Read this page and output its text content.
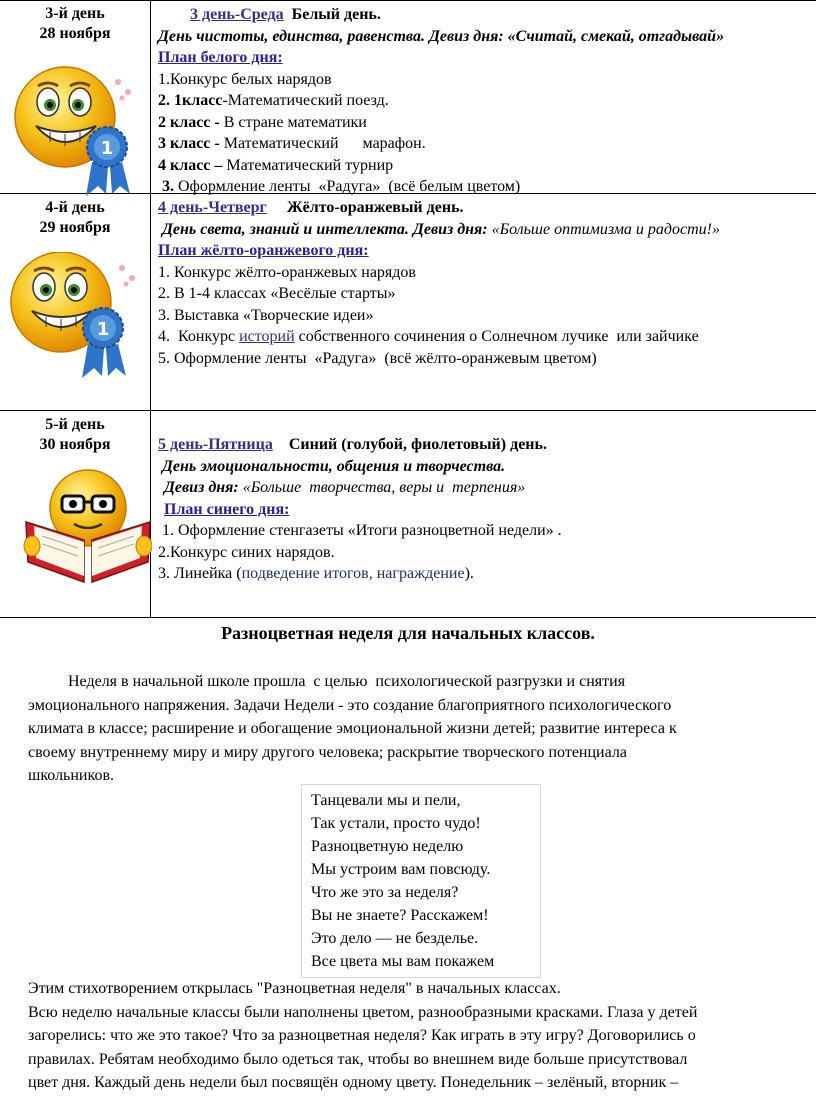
3-й день
28 ноября
1
3 день-Среда Белый день.
День чистоты, единства, равенства. Девиз дня: «Считай, смекай, отгадывай»
План белого дня:
1.Конкурс белых нарядов
2. 1класс-Математический поезд.
2 класс - В стране математики
3 класс - Математический      марафон.
4 класс – Математический турнир
3. Оформление ленты  «Радуга»  (всё белым цветом)
4-й день
29 ноября
1
4 день-Четверг Жёлто-оранжевый день.
День света, знаний и интеллекта. Девиз дня: «Больше оптимизма и радости!»
План жёлто-оранжевого дня:
1. Конкурс жёлто-оранжевых нарядов
2. В 1-4 классах «Весёлые старты»
3. Выставка «Творческие идеи»
4.  Конкурс историй собственного сочинения о Солнечном лучике  или зайчике
5. Оформление ленты  «Радуга»  (всё жёлто-оранжевым цветом)
5-й день
30 ноября	5 день-Пятница Синий (голубой, фиолетовый) день.
День эмоциональности, общения и творчества.
Девиз дня: «Больше  творчества, веры и  терпения»
План синего дня:
1. Оформление стенгазеты «Итоги разноцветной недели» .
2.Конкурс синих нарядов.
3. Линейка (подведение итогов, награждение).
Разноцветная неделя для начальных классов.
Неделя в начальной школе прошла  с целью  психологической разгрузки и снятия
эмоционального напряжения. Задачи Недели - это создание благоприятного психологического
климата в классе; расширение и обогащение эмоциональной жизни детей; развитие интереса к
своему внутреннему миру и миру другого человека; раскрытие творческого потенциала
школьников.
Танцевали мы и пели,
Так устали, просто чудо!
Разноцветную неделю
Мы устроим вам повсюду.
Что же это за неделя?
Вы не знаете? Расскажем!
Это дело — не безделье.
Все цвета мы вам покажем
Этим стихотворением открылась "Разноцветная неделя" в начальных классах.
Всю неделю начальные классы были наполнены цветом, разнообразными красками. Глаза у детей
загорелись: что же это такое? Что за разноцветная неделя? Как играть в эту игру? Договорились о
правилах. Ребятам необходимо было одеться так, чтобы во внешнем виде больше присутствовал
цвет дня. Каждый день недели был посвящён одному цвету. Понедельник – зелёный, вторник –
